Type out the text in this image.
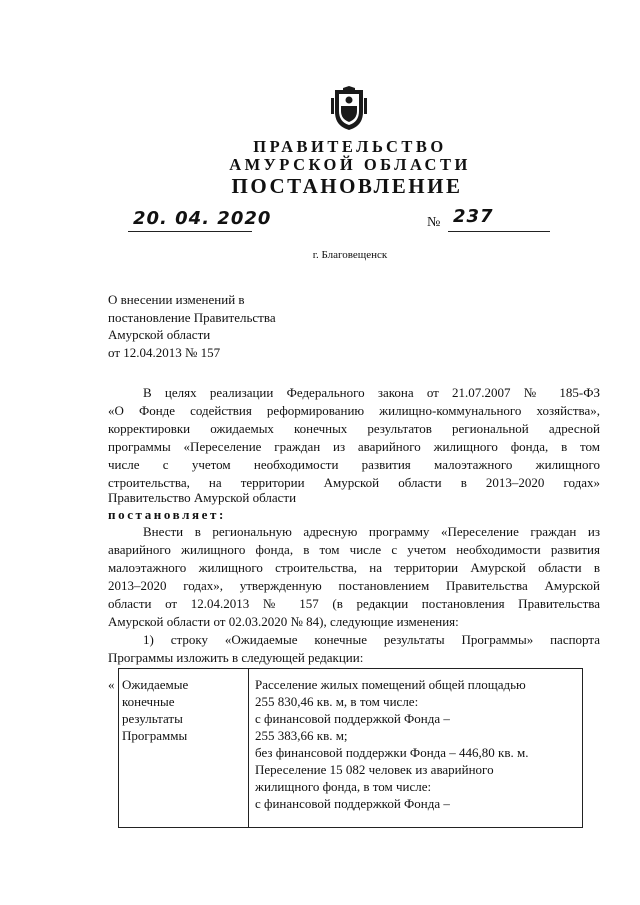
ПРАВИТЕЛЬСТВО
АМУРСКОЙ ОБЛАСТИ
ПОСТАНОВЛЕНИЕ
20. 04. 2020	№ 237
г. Благовещенск
О внесении изменений в
постановление Правительства
Амурской области
от 12.04.2013 № 157
В целях реализации Федерального закона от 21.07.2007 № 185-ФЗ
«О Фонде содействия реформированию жилищно-коммунального хозяйства»,
корректировки ожидаемых конечных результатов региональной адресной
программы «Переселение граждан из аварийного жилищного фонда, в том
числе с учетом необходимости развития малоэтажного жилищного
строительства, на территории Амурской области в 2013–2020 годах»
Правительство Амурской области
постановляет:
Внести в региональную адресную программу «Переселение граждан из
аварийного жилищного фонда, в том числе с учетом необходимости развития
малоэтажного жилищного строительства, на территории Амурской области в
2013–2020 годах», утвержденную постановлением Правительства Амурской
области от 12.04.2013 № 157 (в редакции постановления Правительства
Амурской области от 02.03.2020 № 84), следующие изменения:
1) строку «Ожидаемые конечные результаты Программы» паспорта
Программы изложить в следующей редакции:
« Ожидаемые
конечные
результаты
Программы
Расселение жилых помещений общей площадью
255 830,46 кв. м, в том числе:
с финансовой поддержкой Фонда –
255 383,66 кв. м;
без финансовой поддержки Фонда – 446,80 кв. м.
Переселение 15 082 человек из аварийного
жилищного фонда, в том числе:
с финансовой поддержкой Фонда –
